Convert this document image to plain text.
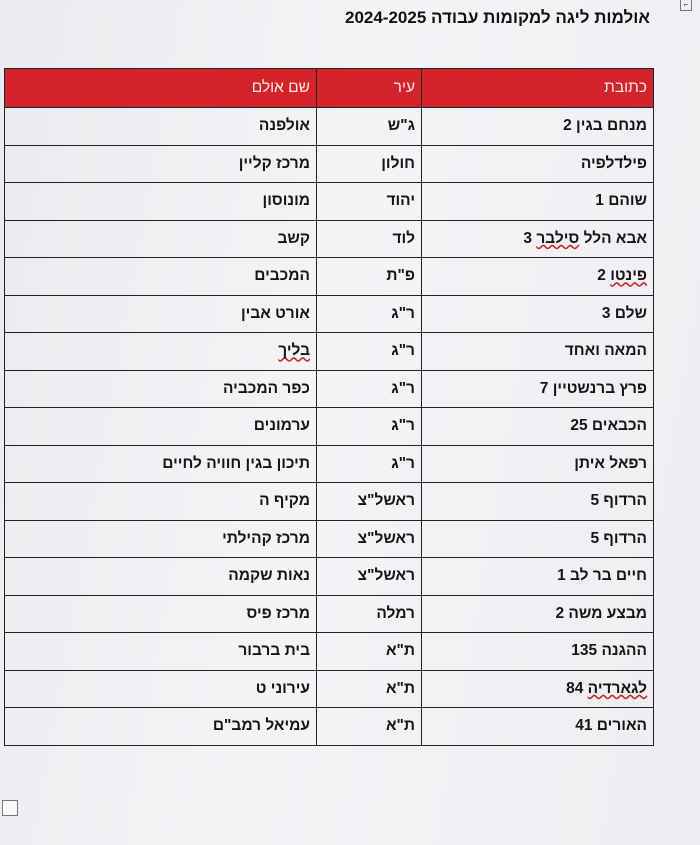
⌐
אולמות ליגה למקומות עבודה 2024-2025
כתובת	עיר	שם אולם
מנחם בגין 2	ג"ש	אולפנה
פילדלפיה	חולון	מרכז קליין
שוהם 1	יהוד	מונוסון
אבא הלל סילבר 3	לוד	קשב
פינטו 2	פ"ת	המכבים
שלם 3	ר"ג	אורט אבין
המאה ואחד	ר"ג	בליך
פרץ ברנשטיין 7	ר"ג	כפר המכביה
הכבאים 25	ר"ג	ערמונים
רפאל איתן	ר"ג	תיכון בגין חוויה לחיים
הרדוף 5	ראשל"צ	מקיף ה
הרדוף 5	ראשל"צ	מרכז קהילתי
חיים בר לב 1	ראשל"צ	נאות שקמה
מבצע משה 2	רמלה	מרכז פיס
ההגנה 135	ת"א	בית ברבור
לגארדיה 84	ת"א	עירוני ט
האורים 41	ת"א	עמיאל רמב"ם
